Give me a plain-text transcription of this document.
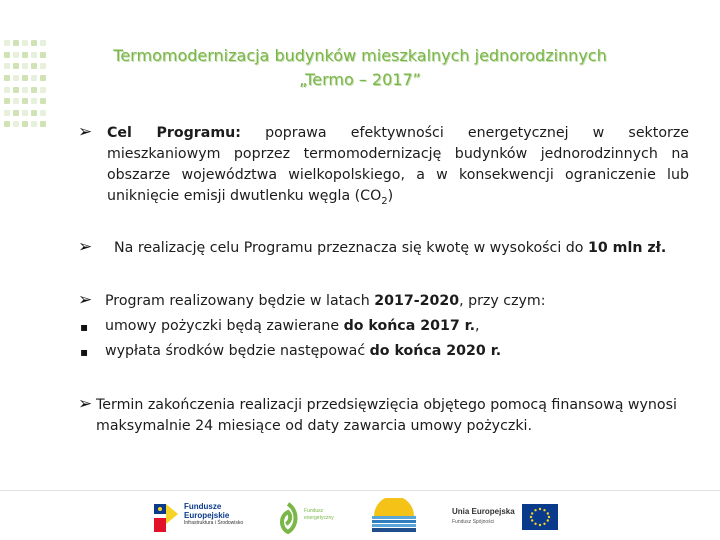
Termomodernizacja budynków mieszkalnych jednorodzinnych
„Termo – 2017”
➢ Cel Programu: poprawa efektywności energetycznej w sektorze mieszkaniowym poprzez termomodernizację budynków jednorodzinnych na obszarze województwa wielkopolskiego, a w konsekwencji ograniczenie lub uniknięcie emisji dwutlenku węgla $(CO_2)$
➢ Na realizację celu Programu przeznacza się kwotę w wysokości do 10 mln zł.
➢ Program realizowany będzie w latach 2017-2020, przy czym:
▪ umowy pożyczki będą zawierane do końca 2017 r.,
▪ wypłata środków będzie następować do końca 2020 r.
➢ Termin zakończenia realizacji przedsięwzięcia objętego pomocą finansową wynosi maksymalnie 24 miesiące od daty zawarcia umowy pożyczki.
Fundusze
Europejskie
Infrastruktura i Środowisko
Fundusz
energetyczny
Unia Europejska
Fundusz Spójności
